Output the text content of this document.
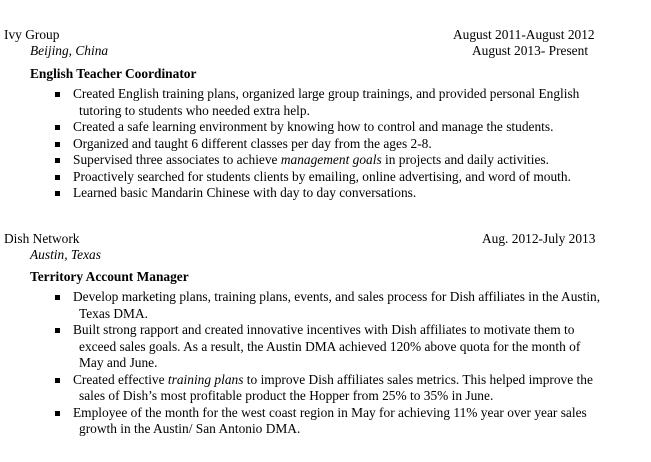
Ivy Group	August 2011-August 2012
Beijing, China	August 2013- Present
English Teacher Coordinator
Created English training plans, organized large group trainings, and provided personal English
tutoring to students who needed extra help.
Created a safe learning environment by knowing how to control and manage the students.
Organized and taught 6 different classes per day from the ages 2-8.
Supervised three associates to achieve management goals in projects and daily activities.
Proactively searched for students clients by emailing, online advertising, and word of mouth.
Learned basic Mandarin Chinese with day to day conversations.
Dish Network	Aug. 2012-July 2013
Austin, Texas
Territory Account Manager
Develop marketing plans, training plans, events, and sales process for Dish affiliates in the Austin,
Texas DMA.
Built strong rapport and created innovative incentives with Dish affiliates to motivate them to
exceed sales goals. As a result, the Austin DMA achieved 120% above quota for the month of
May and June.
Created effective training plans to improve Dish affiliates sales metrics. This helped improve the
sales of Dish’s most profitable product the Hopper from 25% to 35% in June.
Employee of the month for the west coast region in May for achieving 11% year over year sales
growth in the Austin/ San Antonio DMA.
